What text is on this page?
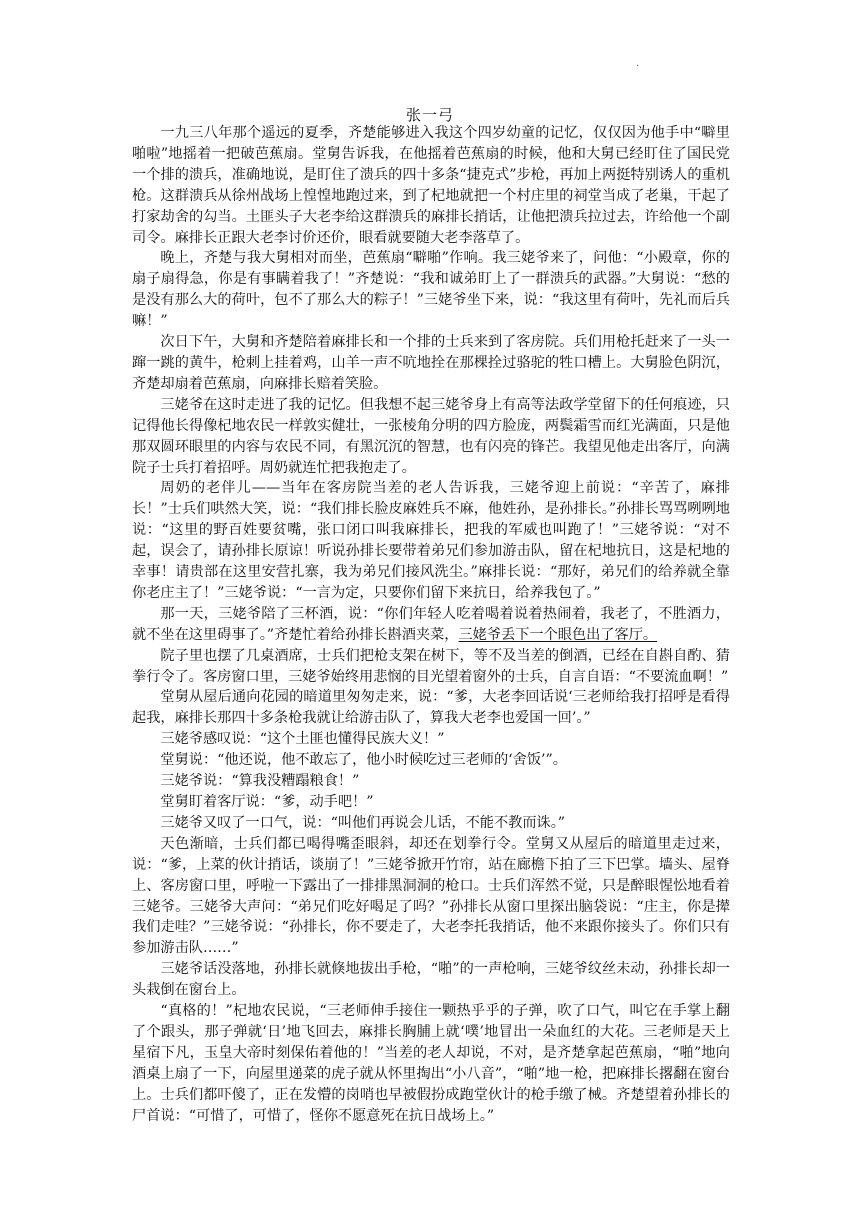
.
张一弓

一九三八年那个遥远的夏季，齐楚能够进入我这个四岁幼童的记忆，仅仅因为他手中“噼里啪啦”地摇着一把破芭蕉扇。堂舅告诉我，在他摇着芭蕉扇的时候，他和大舅已经盯住了国民党一个排的溃兵，准确地说，是盯住了溃兵的四十多条“捷克式”步枪，再加上两挺特别诱人的重机枪。这群溃兵从徐州战场上惶惶地跑过来，到了杞地就把一个村庄里的祠堂当成了老巢，干起了打家劫舍的勾当。土匪头子大老李给这群溃兵的麻排长捎话，让他把溃兵拉过去，许给他一个副司令。麻排长正跟大老李讨价还价，眼看就要随大老李落草了。

晚上，齐楚与我大舅相对而坐，芭蕉扇“噼啪”作响。我三姥爷来了，问他：“小殿章，你的扇子扇得急，你是有事瞒着我了！”齐楚说：“我和诚弟盯上了一群溃兵的武器。”大舅说：“愁的是没有那么大的荷叶，包不了那么大的粽子！”三姥爷坐下来，说：“我这里有荷叶，先礼而后兵嘛！”

次日下午，大舅和齐楚陪着麻排长和一个排的士兵来到了客房院。兵们用枪托赶来了一头一蹿一跳的黄牛，枪刺上挂着鸡，山羊一声不吭地拴在那棵拴过骆驼的牲口槽上。大舅脸色阴沉，齐楚却扇着芭蕉扇，向麻排长赔着笑脸。

三姥爷在这时走进了我的记忆。但我想不起三姥爷身上有高等法政学堂留下的任何痕迹，只记得他长得像杞地农民一样敦实健壮，一张棱角分明的四方脸庞，两鬓霜雪而红光满面，只是他那双圆环眼里的内容与农民不同，有黑沉沉的智慧，也有闪亮的锋芒。我望见他走出客厅，向满院子士兵打着招呼。周奶就连忙把我抱走了。

周奶的老伴儿——当年在客房院当差的老人告诉我，三姥爷迎上前说：“辛苦了，麻排长！”士兵们哄然大笑，说：“我们排长脸皮麻姓兵不麻，他姓孙，是孙排长。”孙排长骂骂咧咧地说：“这里的野百姓要贫嘴，张口闭口叫我麻排长，把我的军威也叫跑了！”三姥爷说：“对不起，误会了，请孙排长原谅！听说孙排长要带着弟兄们参加游击队，留在杞地抗日，这是杞地的幸事！请贵部在这里安营扎寨，我为弟兄们接风洗尘。”麻排长说：“那好，弟兄们的给养就全靠你老庄主了！”三姥爷说：“一言为定，只要你们留下来抗日，给养我包了。”

那一天，三姥爷陪了三杯酒，说：“你们年轻人吃着喝着说着热闹着，我老了，不胜酒力，就不坐在这里碍事了。”齐楚忙着给孙排长斟酒夹菜，三姥爷丢下一个眼色出了客厅。

院子里也摆了几桌酒席，士兵们把枪支架在树下，等不及当差的倒酒，已经在自斟自酌、猜拳行令了。客房窗口里，三姥爷始终用悲悯的目光望着窗外的士兵，自言自语：“不要流血啊！”

堂舅从屋后通向花园的暗道里匆匆走来，说：“爹，大老李回话说‘三老师给我打招呼是看得起我，麻排长那四十多条枪我就让给游击队了，算我大老李也爱国一回’。”

三姥爷感叹说：“这个土匪也懂得民族大义！”

堂舅说：“他还说，他不敢忘了，他小时候吃过三老师的‘舍饭’”。

三姥爷说：“算我没糟蹋粮食！”

堂舅盯着客厅说：“爹，动手吧！”

三姥爷又叹了一口气，说：“叫他们再说会儿话，不能不教而诛。”

天色渐暗，士兵们都已喝得嘴歪眼斜，却还在划拳行令。堂舅又从屋后的暗道里走过来，说：“爹，上菜的伙计捎话，谈崩了！”三姥爷掀开竹帘，站在廊檐下拍了三下巴掌。墙头、屋脊上、客房窗口里，呼啦一下露出了一排排黑洞洞的枪口。士兵们浑然不觉，只是醉眼惺忪地看着三姥爷。三姥爷大声问：“弟兄们吃好喝足了吗？”孙排长从窗口里探出脑袋说：“庄主，你是撵我们走哇？”三姥爷说：“孙排长，你不要走了，大老李托我捎话，他不来跟你接头了。你们只有参加游击队……”

三姥爷话没落地，孙排长就倏地拔出手枪，“啪”的一声枪响，三姥爷纹丝未动，孙排长却一头栽倒在窗台上。

“真格的！”杞地农民说，“三老师伸手接住一颗热乎乎的子弹，吹了口气，叫它在手掌上翻了个跟头，那子弹就‘日’地飞回去，麻排长胸脯上就‘噗’地冒出一朵血红的大花。三老师是天上星宿下凡，玉皇大帝时刻保佑着他的！”当差的老人却说，不对，是齐楚拿起芭蕉扇，“啪”地向酒桌上扇了一下，向屋里递菜的虎子就从怀里掏出“小八音”，“啪”地一枪，把麻排长撂翻在窗台上。士兵们都吓傻了，正在发懵的岗哨也早被假扮成跑堂伙计的枪手缴了械。齐楚望着孙排长的尸首说：“可惜了，可惜了，怪你不愿意死在抗日战场上。”
